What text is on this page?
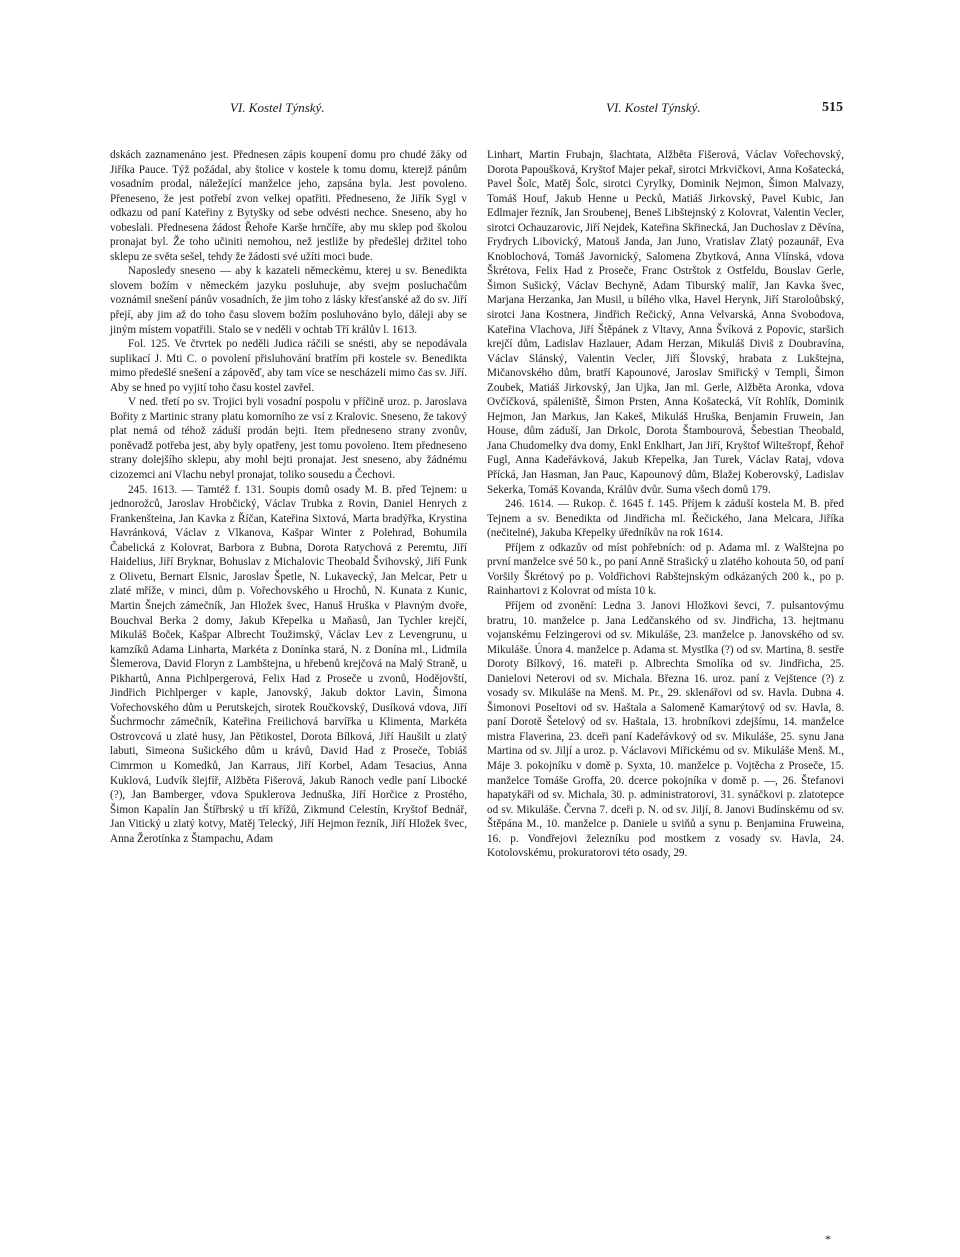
VI. Kostel Týnský.	VI. Kostel Týnský.	515

dskách zaznamenáno jest. Přednesen zápis koupení domu pro chudé žáky od Jiříka Pauce. Týž požádal, aby štolice v kostele k tomu domu, kterejž pánům vosadním prodal, náležející manželce jeho, zapsána byla. Jest povoleno. Přeneseno, že jest potřebí zvon velkej opatřiti. Předneseno, že Jiřík Sygl v odkazu od paní Kateřiny z Bytyšky od sebe odvésti nechce. Sneseno, aby ho vobeslali. Přednesena žádost Řehoře Karše hrnčíře, aby mu sklep pod školou pronajat byl. Že toho učiniti nemohou, než jestliže by předešlej držitel toho sklepu ze světa sešel, tehdy že žádosti své užíti moci bude.

Naposledy sneseno — aby k kazateli německému, kterej u sv. Benedikta slovem božím v německém jazyku posluhuje, aby svejm posluchačům voznámil snešení pánův vosadních, že jim toho z lásky křesťanské až do sv. Jiří přejí, aby jim až do toho času slovem božím posluhováno bylo, dáleji aby se jiným místem vopatřili. Stalo se v neděli v ochtab Tří králův l. 1613.

Fol. 125. Ve čtvrtek po neděli Judica ráčili se snésti, aby se nepodávala suplikací J. Mti C. o povolení přisluhování bratřím při kostele sv. Benedikta mimo předešlé snešení a zápověď, aby tam více se nescházeli mimo čas sv. Jiří. Aby se hned po vyjití toho času kostel zavřel.

V ned. třetí po sv. Trojici byli vosadní pospolu v příčině uroz. p. Jaroslava Bořity z Martinic strany platu komorního ze vsí z Kralovic. Sneseno, že takový plat nemá od téhož záduší prodán bejti. Item předneseno strany zvonův, poněvadž potřeba jest, aby byly opatřeny, jest tomu povoleno. Item předneseno strany dolejšího sklepu, aby mohl bejti pronajat. Jest sneseno, aby žádnému cizozemci ani Vlachu nebyl pronajat, toliko sousedu a Čechovi.

245. 1613. — Tamtéž f. 131. Soupis domů osady M. B. před Tejnem: u jednorožců, Jaroslav Hrobčický, Václav Trubka z Rovin, Daniel Henrych z Frankenšteina, Jan Kavka z Říčan, Kateřina Sixtová, Marta bradýřka, Krystina Havránková, Václav z Vlkanova, Kašpar Winter z Polehrad, Bohumila Čabelická z Kolovrat, Barbora z Bubna, Dorota Ratychová z Peremtu, Jiří Haidelius, Jiří Bryknar, Bohuslav z Michalovic Theobald Švihovský, Jiří Funk z Olivetu, Bernart Elsnic, Jaroslav Špetle, N. Lukavecký, Jan Melcar, Petr u zlaté mříže, v minci, dům p. Vořechovského u Hrochů, N. Kunata z Kunic, Martin Šnejch zámečník, Jan Hložek švec, Hanuš Hruška v Plavným dvoře, Bouchval Berka 2 domy, Jakub Křepelka u Maňasů, Jan Tychler krejčí, Mikuláš Boček, Kašpar Albrecht Toužimský, Václav Lev z Levengrunu, u kamzíků Adama Linharta, Markéta z Donínka stará, N. z Donína ml., Lidmila Šlemerova, David Floryn z Lambštejna, u hřebenů krejčová na Malý Straně, u Pikhartů, Anna Pichlpergerová, Felix Had z Proseče u zvonů, Hodějovští, Jindřich Pichlperger v kaple, Janovský, Jakub doktor Lavin, Šimona Vořechovského dům u Perutskejch, sirotek Roučkovský, Dusíková vdova, Jiří Šuchrmochr zámečník, Kateřina Freilichová barvířka u Klimenta, Markéta Ostrovcová u zlaté husy, Jan Pětikostel, Dorota Bílková, Jiří Haušilt u zlatý labuti, Simeona Sušického dům u krávů, David Had z Proseče, Tobiáš Cimrmon u Komedků, Jan Karraus, Jiří Korbel, Adam Tesacius, Anna Kuklová, Ludvík šlejfíř, Alžběta Fišerová, Jakub Ranoch vedle paní Libocké (?), Jan Bamberger, vdova Spuklerova Jednuška, Jiří Horčice z Prostého, Šimon Kapalín Jan Štířbrský u tří křížů, Zikmund Celestín, Kryštof Bednář, Jan Vitický u zlatý kotvy, Matěj Telecký, Jiří Hejmon řezník, Jiří Hložek švec, Anna Žerotínka z Štampachu, Adam

Linhart, Martin Frubajn, šlachtata, Alžběta Fišerová, Václav Vořechovský, Dorota Papoušková, Kryštof Majer pekař, sirotci Mrkvičkovi, Anna Košatecká, Pavel Šolc, Matěj Šolc, sirotci Cyrylky, Dominik Nejmon, Šimon Malvazy, Tomáš Houf, Jakub Henne u Pecků, Matiáš Jirkovský, Pavel Kubic, Jan Edlmajer řezník, Jan Sroubenej, Beneš Libštejnský z Kolovrat, Valentin Vecler, sirotci Ochauzarovic, Jiří Nejdek, Kateřina Skřinecká, Jan Duchoslav z Děvína, Frydrych Libovický, Matouš Janda, Jan Juno, Vratislav Zlatý pozaunář, Eva Knoblochová, Tomáš Javornický, Salomena Zbytková, Anna Vlínská, vdova Škrétova, Felix Had z Proseče, Franc Ostrštok z Ostfeldu, Bouslav Gerle, Šimon Sušický, Václav Bechyně, Adam Tiburský malíř, Jan Kavka švec, Marjana Herzanka, Jan Musil, u bílého vlka, Havel Herynk, Jiří Staroloůbský, sirotci Jana Kostnera, Jindřich Rečický, Anna Velvarská, Anna Svobodova, Kateřina Vlachova, Jiří Štěpánek z Vltavy, Anna Švíková z Popovic, staršich krejčí dům, Ladislav Hazlauer, Adam Herzan, Mikuláš Diviš z Doubravína, Václav Slánský, Valentin Vecler, Jiří Šlovský, hrabata z Lukštejna, Mičanovského dům, bratří Kapounové, Jaroslav Smiřický v Templi, Šimon Zoubek, Matiáš Jirkovský, Jan Ujka, Jan ml. Gerle, Alžběta Aronka, vdova Ovčíčková, spáleniště, Šimon Prsten, Anna Košatecká, Vít Rohlík, Dominik Hejmon, Jan Markus, Jan Kakeš, Mikuláš Hruška, Benjamin Fruwein, Jan House, dům záduší, Jan Drkolc, Dorota Štambourová, Šebestian Theobald, Jana Chudomelky dva domy, Enkl Enklhart, Jan Jiří, Kryštof Wiltešторf, Řehoř Fugl, Anna Kadeřávková, Jakub Křepelka, Jan Turek, Václav Rataj, vdova Přícká, Jan Hasman, Jan Pauc, Kapounový dům, Blažej Koberovský, Ladislav Sekerka, Tomáš Kovanda, Králův dvůr. Suma všech domů 179.

246. 1614. — Rukop. č. 1645 f. 145. Příjem k záduší kostela M. B. před Tejnem a sv. Benedikta od Jindřicha ml. Řečického, Jana Melcara, Jiříka (nečitelné), Jakuba Křepelky úředníkův na rok 1614.

Příjem z odkazův od míst pohřebních: od p. Adama ml. z Walštejna po první manželce své 50 k., po paní Anně Strašický u zlatého kohouta 50, od paní Voršily Škrétový po p. Voldřichovi Rabštejnským odkázaných 200 k., po p. Rainhartovi z Kolovrat od místa 10 k.

Příjem od zvonění: Ledna 3. Janovi Hložkovi ševci, 7. pulsantovýmu bratru, 10. manželce p. Jana Ledčanského od sv. Jindřicha, 13. hejtmanu vojanskému Felzingerovi od sv. Mikuláše, 23. manželce p. Janovského od sv. Mikuláše. Února 4. manželce p. Adama st. Mystlka (?) od sv. Martina, 8. sestře Doroty Bílkový, 16. mateři p. Albrechta Smolíka od sv. Jindřicha, 25. Danielovi Neterovi od sv. Michala. Března 16. uroz. paní z Vejštence (?) z vosady sv. Mikuláše na Menš. M. Pr., 29. sklenářovi od sv. Havla. Dubna 4. Šimonovi Poseltovi od sv. Haštala a Salomeně Kamarýtový od sv. Havla, 8. paní Dorotě Šetelový od sv. Haštala, 13. hrobníkovi zdejšímu, 14. manželce mistra Flaverina, 23. dceři paní Kadeřávkový od sv. Mikuláše, 25. synu Jana Martina od sv. Jiljí a uroz. p. Václavovi Miřickému od sv. Mikuláše Menš. M., Máje 3. pokojníku v domě p. Syxta, 10. manželce p. Vojtěcha z Proseče, 15. manželce Tomáše Groffa, 20. dcerce pokojníka v domě p. —, 26. Štefanovi hapatykáři od sv. Michala, 30. p. administratorovi, 31. synáčkovi p. zlatotepce od sv. Mikuláše. Června 7. dceři p. N. od sv. Jiljí, 8. Janovi Budínskému od sv. Štěpána M., 10. manželce p. Daniele u sviňů a synu p. Benjamina Fruweina, 16. p. Vondřejovi železníku pod mostkem z vosady sv. Havla, 24. Kotolovskému, prokuratorovi této osady, 29.

*
